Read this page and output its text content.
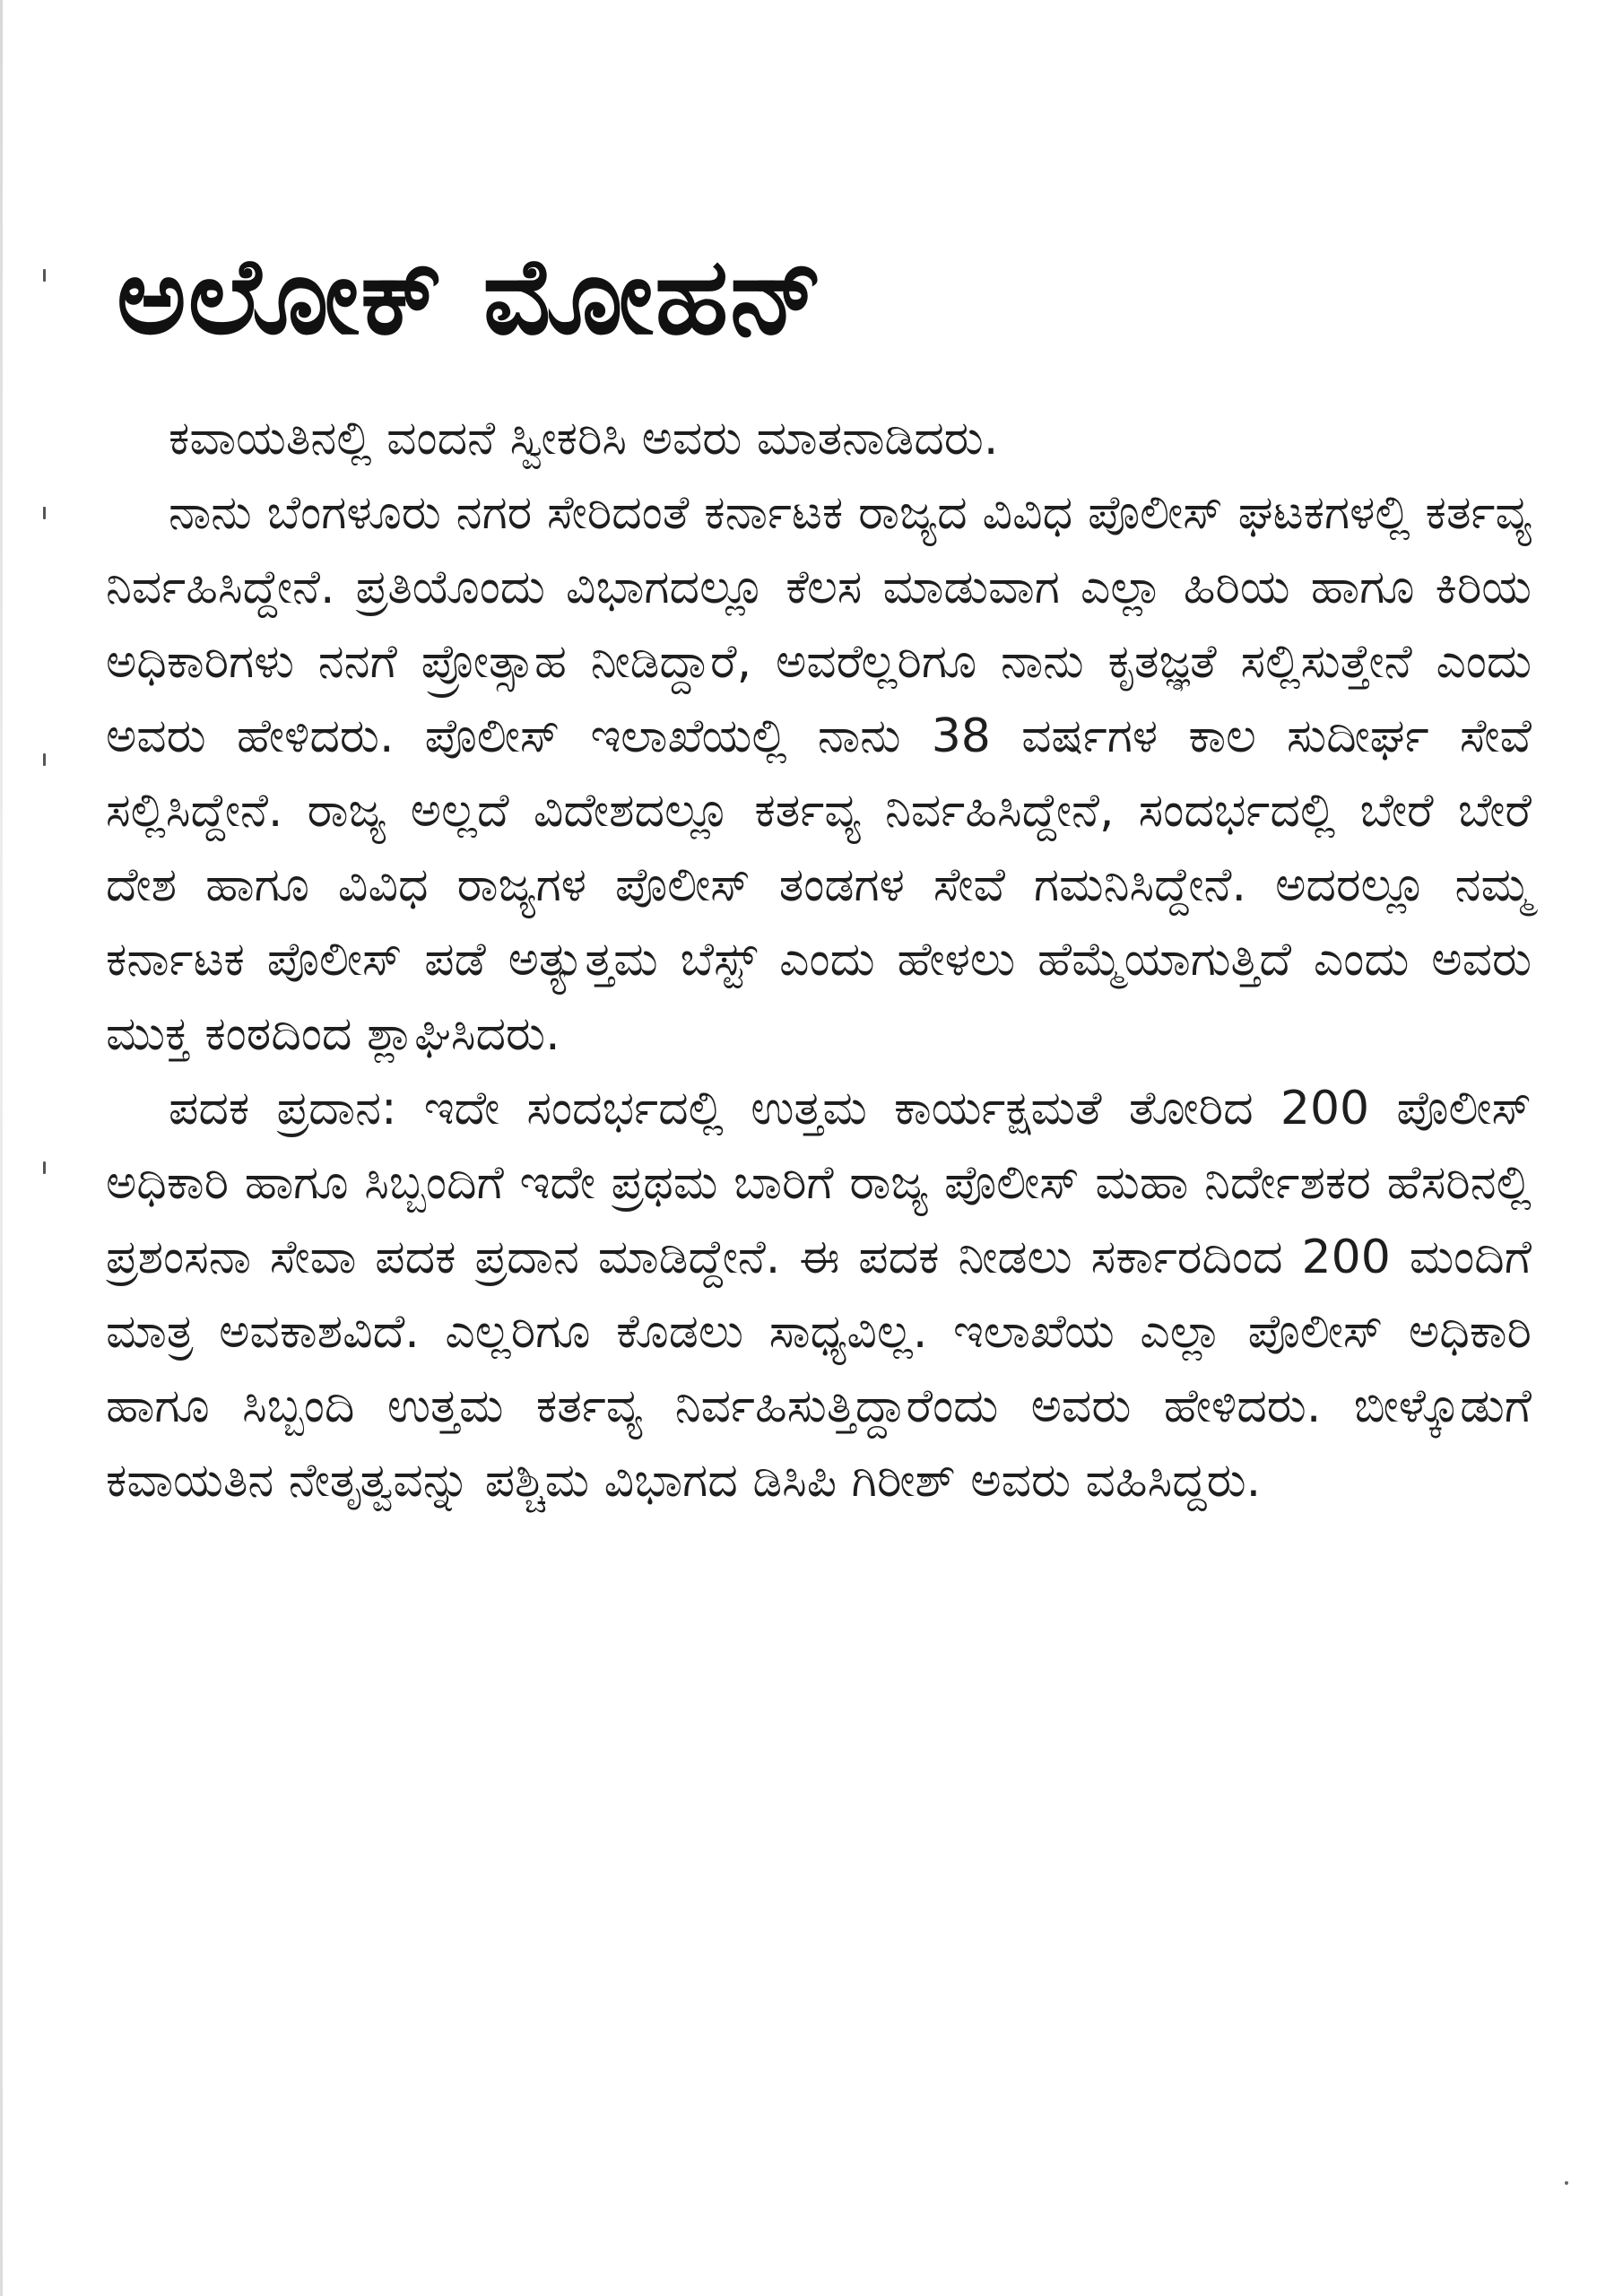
ಅಲೋಕ್ ಮೋಹನ್

ಕವಾಯತಿನಲ್ಲಿ ವಂದನೆ ಸ್ವೀಕರಿಸಿ ಅವರು ಮಾತನಾಡಿದರು.

ನಾನು ಬೆಂಗಳೂರು ನಗರ ಸೇರಿದಂತೆ ಕರ್ನಾಟಕ ರಾಜ್ಯದ ವಿವಿಧ ಪೊಲೀಸ್ ಘಟಕಗಳಲ್ಲಿ ಕರ್ತವ್ಯ ನಿರ್ವಹಿಸಿದ್ದೇನೆ. ಪ್ರತಿಯೊಂದು ವಿಭಾಗದಲ್ಲೂ ಕೆಲಸ ಮಾಡುವಾಗ ಎಲ್ಲಾ ಹಿರಿಯ ಹಾಗೂ ಕಿರಿಯ ಅಧಿಕಾರಿಗಳು ನನಗೆ ಪ್ರೋತ್ಸಾಹ ನೀಡಿದ್ದಾರೆ, ಅವರೆಲ್ಲರಿಗೂ ನಾನು ಕೃತಜ್ಞತೆ ಸಲ್ಲಿಸುತ್ತೇನೆ ಎಂದು ಅವರು ಹೇಳಿದರು. ಪೊಲೀಸ್ ಇಲಾಖೆಯಲ್ಲಿ ನಾನು 38 ವರ್ಷಗಳ ಕಾಲ ಸುದೀರ್ಘ ಸೇವೆ ಸಲ್ಲಿಸಿದ್ದೇನೆ. ರಾಜ್ಯ ಅಲ್ಲದೆ ವಿದೇಶದಲ್ಲೂ ಕರ್ತವ್ಯ ನಿರ್ವಹಿಸಿದ್ದೇನೆ, ಸಂದರ್ಭದಲ್ಲಿ ಬೇರೆ ಬೇರೆ ದೇಶ ಹಾಗೂ ವಿವಿಧ ರಾಜ್ಯಗಳ ಪೊಲೀಸ್ ತಂಡಗಳ ಸೇವೆ ಗಮನಿಸಿದ್ದೇನೆ. ಅದರಲ್ಲೂ ನಮ್ಮ ಕರ್ನಾಟಕ ಪೊಲೀಸ್ ಪಡೆ ಅತ್ಯುತ್ತಮ ಬೆಸ್ಟ್ ಎಂದು ಹೇಳಲು ಹೆಮ್ಮೆಯಾಗುತ್ತಿದೆ ಎಂದು ಅವರು ಮುಕ್ತ ಕಂಠದಿಂದ ಶ್ಲಾಘಿಸಿದರು.

ಪದಕ ಪ್ರದಾನ: ಇದೇ ಸಂದರ್ಭದಲ್ಲಿ ಉತ್ತಮ ಕಾರ್ಯಕ್ಷಮತೆ ತೋರಿದ 200 ಪೊಲೀಸ್ ಅಧಿಕಾರಿ ಹಾಗೂ ಸಿಬ್ಬಂದಿಗೆ ಇದೇ ಪ್ರಥಮ ಬಾರಿಗೆ ರಾಜ್ಯ ಪೊಲೀಸ್ ಮಹಾ ನಿರ್ದೇಶಕರ ಹೆಸರಿನಲ್ಲಿ ಪ್ರಶಂಸನಾ ಸೇವಾ ಪದಕ ಪ್ರದಾನ ಮಾಡಿದ್ದೇನೆ. ಈ ಪದಕ ನೀಡಲು ಸರ್ಕಾರದಿಂದ 200 ಮಂದಿಗೆ ಮಾತ್ರ ಅವಕಾಶವಿದೆ. ಎಲ್ಲರಿಗೂ ಕೊಡಲು ಸಾಧ್ಯವಿಲ್ಲ. ಇಲಾಖೆಯ ಎಲ್ಲಾ ಪೊಲೀಸ್ ಅಧಿಕಾರಿ ಹಾಗೂ ಸಿಬ್ಬಂದಿ ಉತ್ತಮ ಕರ್ತವ್ಯ ನಿರ್ವಹಿಸುತ್ತಿದ್ದಾರೆಂದು ಅವರು ಹೇಳಿದರು. ಬೀಳ್ಕೊಡುಗೆ ಕವಾಯತಿನ ನೇತೃತ್ವವನ್ನು ಪಶ್ಚಿಮ ವಿಭಾಗದ ಡಿಸಿಪಿ ಗಿರೀಶ್ ಅವರು ವಹಿಸಿದ್ದರು.
